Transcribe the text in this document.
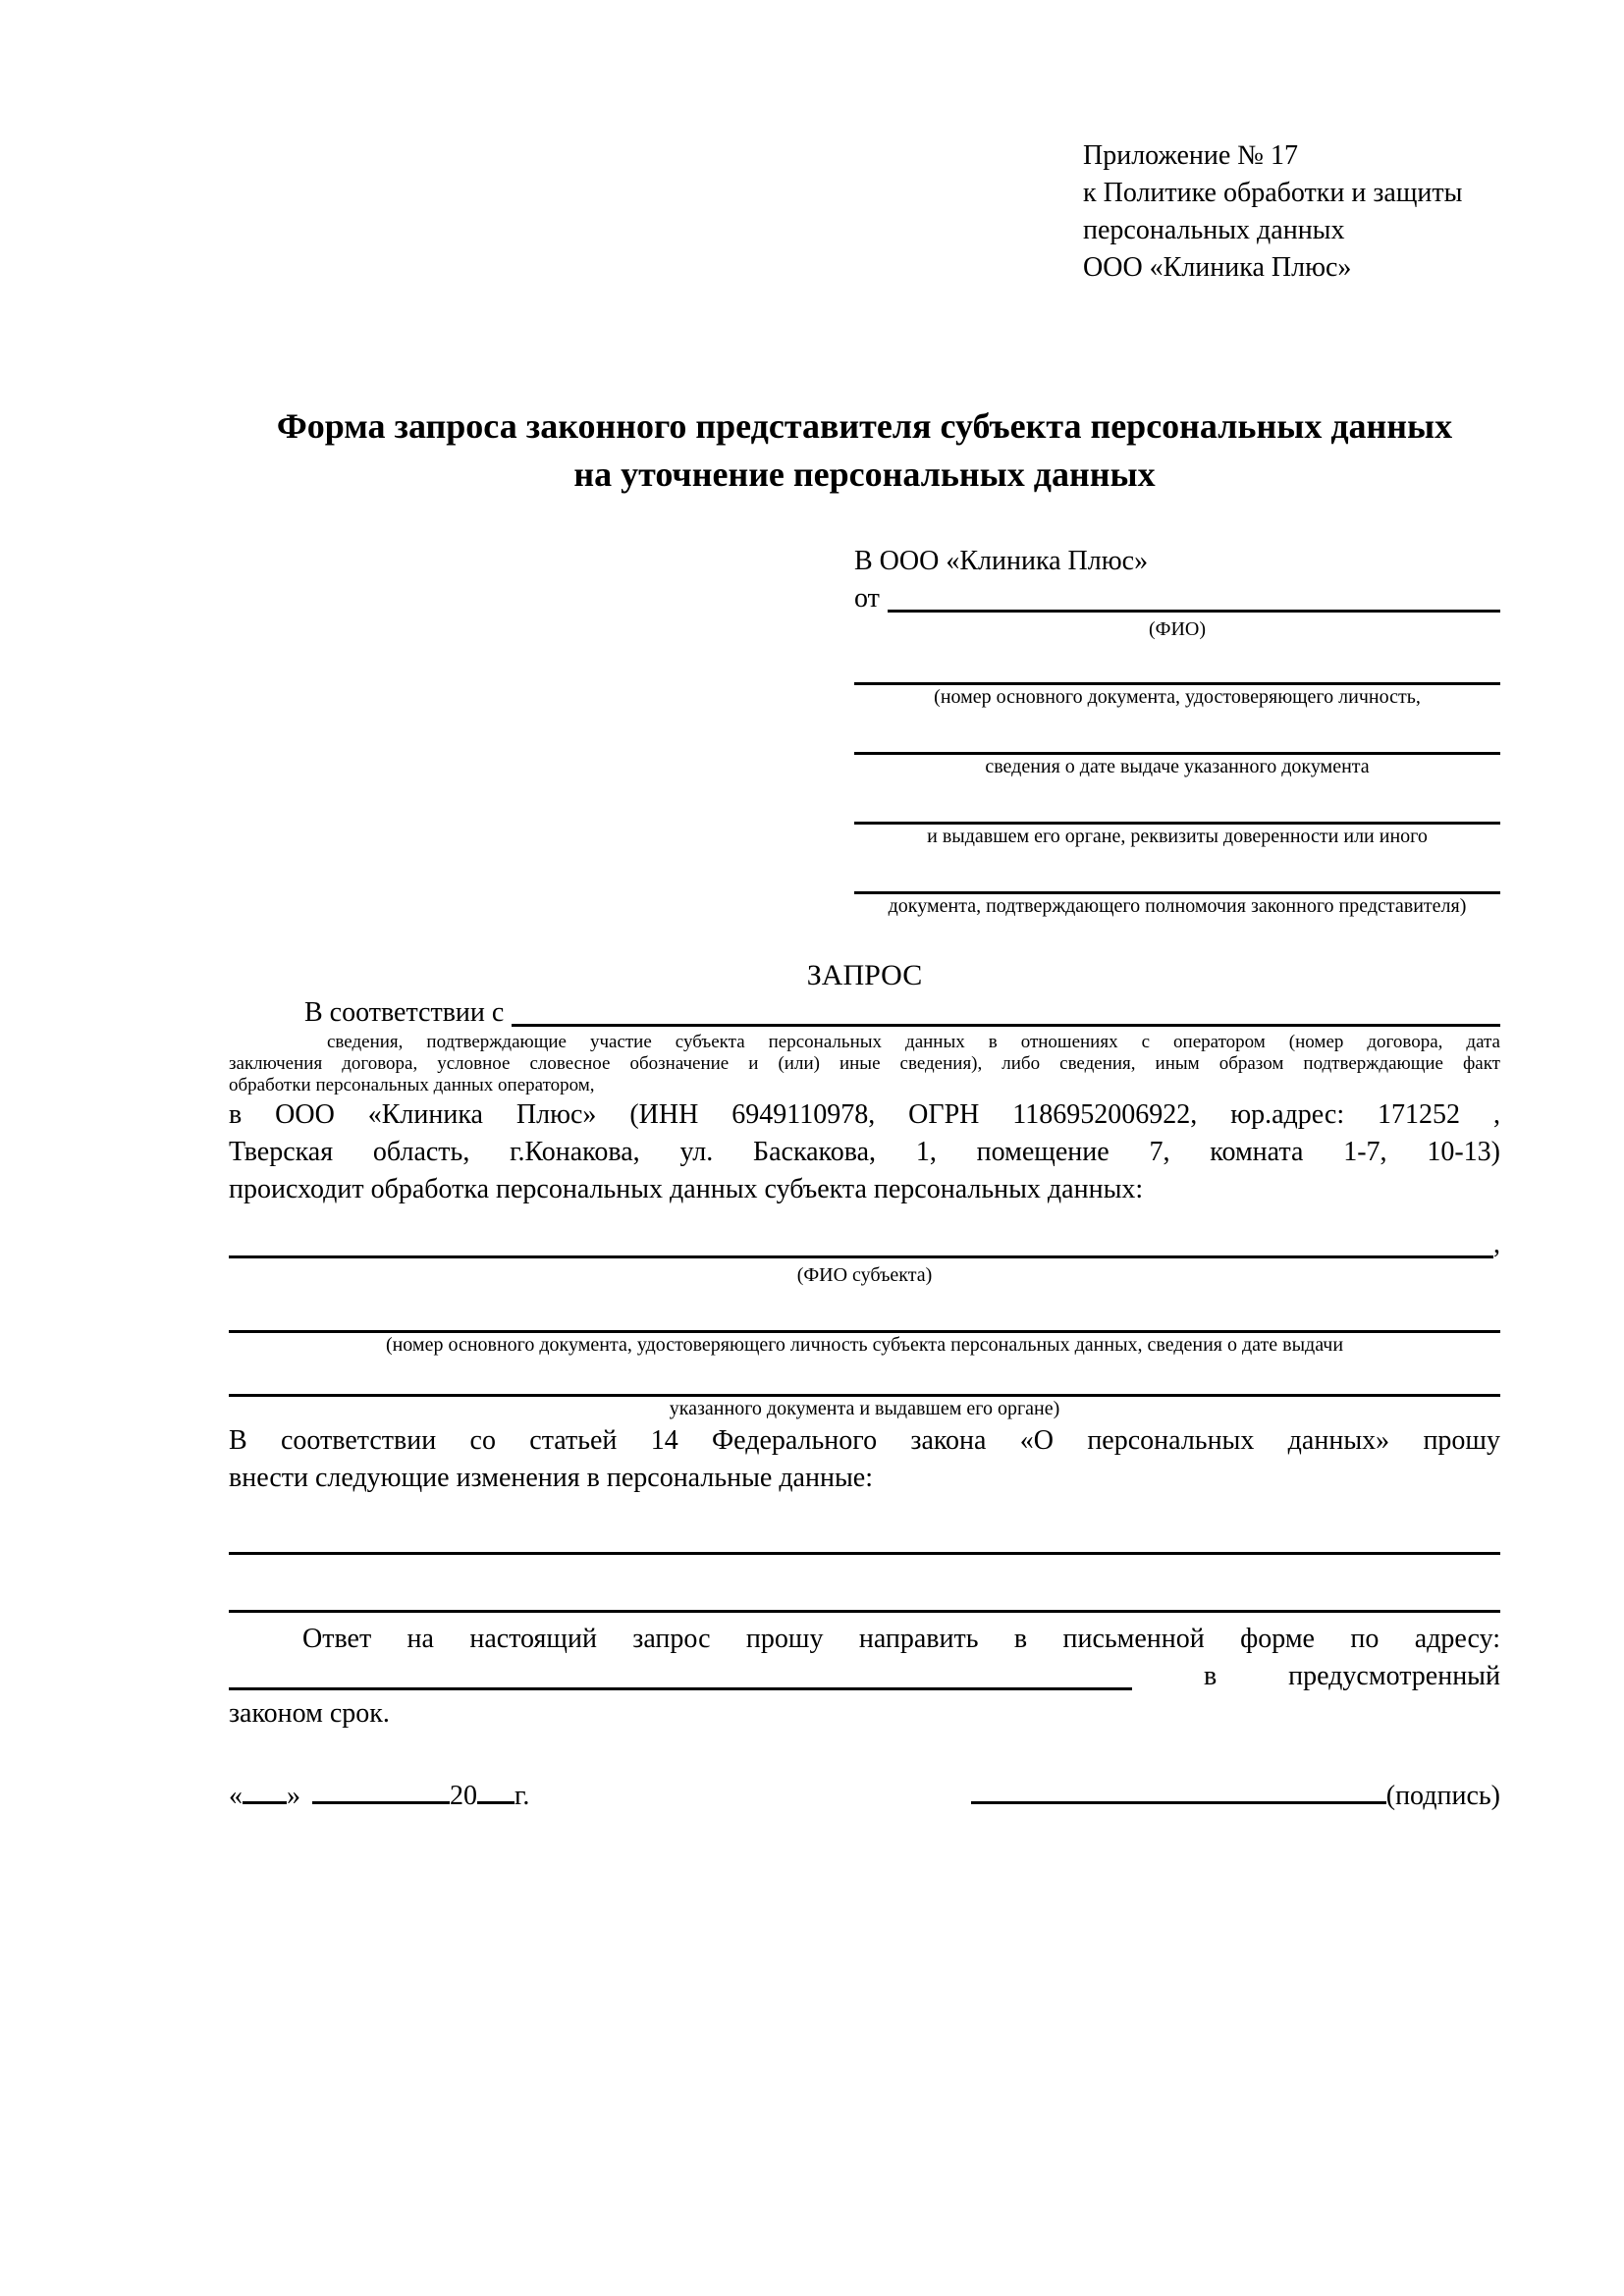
Приложение № 17
к Политике обработки и защиты
персональных данных
ООО «Клиника Плюс»
Форма запроса законного представителя субъекта персональных данных
на уточнение персональных данных
В ООО «Клиника Плюс»
от
(ФИО)
(номер основного документа, удостоверяющего личность,
сведения о дате выдаче указанного документа
и выдавшем его органе, реквизиты доверенности или иного
документа, подтверждающего полномочия законного представителя)
ЗАПРОС
В соответствии с
сведения, подтверждающие участие субъекта персональных данных в отношениях с оператором (номер договора, дата
заключения договора, условное словесное обозначение и (или) иные сведения), либо сведения, иным образом подтверждающие факт
обработки персональных данных оператором,
в ООО «Клиника Плюс» (ИНН 6949110978, ОГРН 1186952006922, юр.адрес: 171252 ,
Тверская область, г.Конакова, ул. Баскакова, 1, помещение 7, комната 1-7, 10-13)
происходит обработка персональных данных субъекта персональных данных:
,
(ФИО субъекта)
(номер основного документа, удостоверяющего личность субъекта персональных данных, сведения о дате выдачи
указанного документа и выдавшем его органе)
В соответствии со статьей 14 Федерального закона «О персональных данных» прошу
внести следующие изменения в персональные данные:
Ответ на настоящий запрос прошу направить в письменной форме по адресу:
в	предусмотренный
законом срок.
« »	20 г.	(подпись)
